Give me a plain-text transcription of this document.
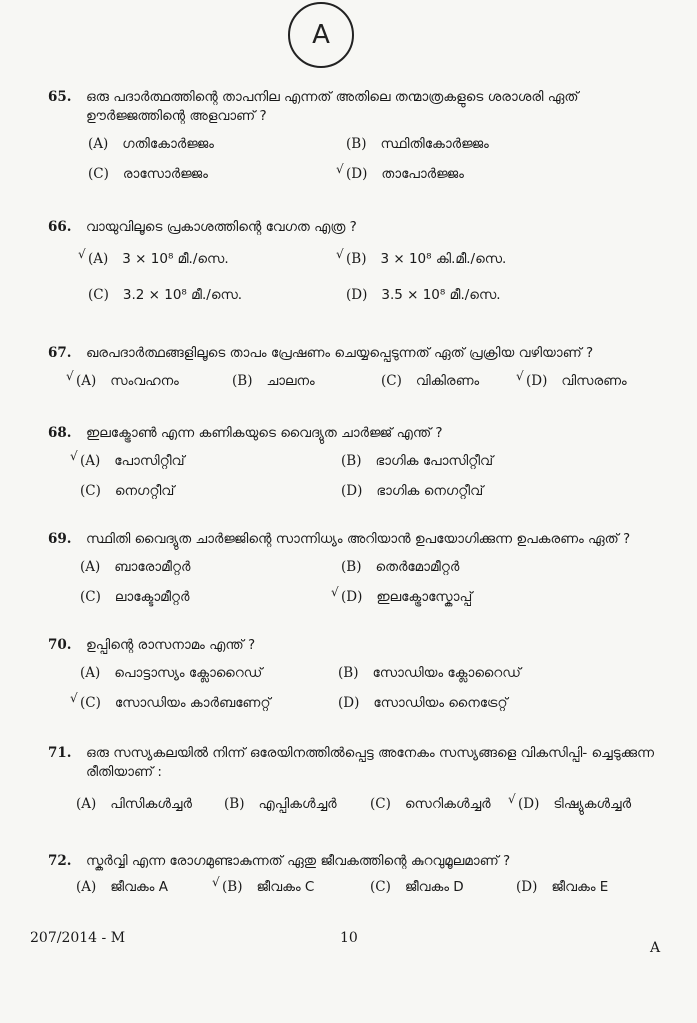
A
65.	ഒരു പദാർത്ഥത്തിന്റെ താപനില എന്നത് അതിലെ തന്മാത്രകളുടെ ശരാശരി ഏത് ഊർജ്ജത്തിന്റെ അളവാണ് ?
(A) ഗതികോർജ്ജം	(B) സ്ഥിതികോർജ്ജം
(C) രാസോർജ്ജം	√ (D) താപോർജ്ജം
66.	വായുവിലൂടെ പ്രകാശത്തിന്റെ വേഗത എത്ര ?
√ (A) 3 × 10⁸ മീ./സെ.	√ (B) 3 × 10⁸ കി.മീ./സെ.
(C) 3.2 × 10⁸ മീ./സെ.	(D) 3.5 × 10⁸ മീ./സെ.
67.	ഖരപദാർത്ഥങ്ങളിലൂടെ താപം പ്രേഷണം ചെയ്യപ്പെടുന്നത് ഏത് പ്രക്രിയ വഴിയാണ് ?
√ (A) സംവഹനം	(B) ചാലനം	(C) വികിരണം	√ (D) വിസരണം
68.	ഇലക്ട്രോൺ എന്ന കണികയുടെ വൈദ്യുത ചാർജ്ജ് എന്ത് ?
√ (A) പോസിറ്റീവ്	(B) ഭാഗിക പോസിറ്റീവ്
(C) നെഗറ്റീവ്	(D) ഭാഗിക നെഗറ്റീവ്
69.	സ്ഥിതി വൈദ്യുത ചാർജ്ജിന്റെ സാന്നിധ്യം അറിയാൻ ഉപയോഗിക്കുന്ന ഉപകരണം ഏത് ?
(A) ബാരോമീറ്റർ	(B) തെർമോമീറ്റർ
(C) ലാക്ടോമീറ്റർ	√ (D) ഇലക്ട്രോസ്കോപ്പ്
70.	ഉപ്പിന്റെ രാസനാമം എന്ത് ?
(A) പൊട്ടാസ്യം ക്ലോറൈഡ്	(B) സോഡിയം ക്ലോറൈഡ്
√ (C) സോഡിയം കാർബണേറ്റ്	(D) സോഡിയം നൈട്രേറ്റ്
71.	ഒരു സസ്യകലയിൽ നിന്ന് ഒരേയിനത്തിൽപ്പെട്ട അനേകം സസ്യങ്ങളെ വികസിപ്പി- ച്ചെടുക്കുന്ന രീതിയാണ് :
(A) പിസികൾച്ചർ (B) എപ്പികൾച്ചർ (C) സെറികൾച്ചർ √ (D) ടിഷ്യുകൾച്ചർ
72.	സ്കർവ്വി എന്ന രോഗമുണ്ടാകുന്നത് ഏതു ജീവകത്തിന്റെ കുറവുമൂലമാണ് ?
(A) ജീവകം A	√ (B) ജീവകം C	(C) ജീവകം D	(D) ജീവകം E
207/2014 - M	10
A
